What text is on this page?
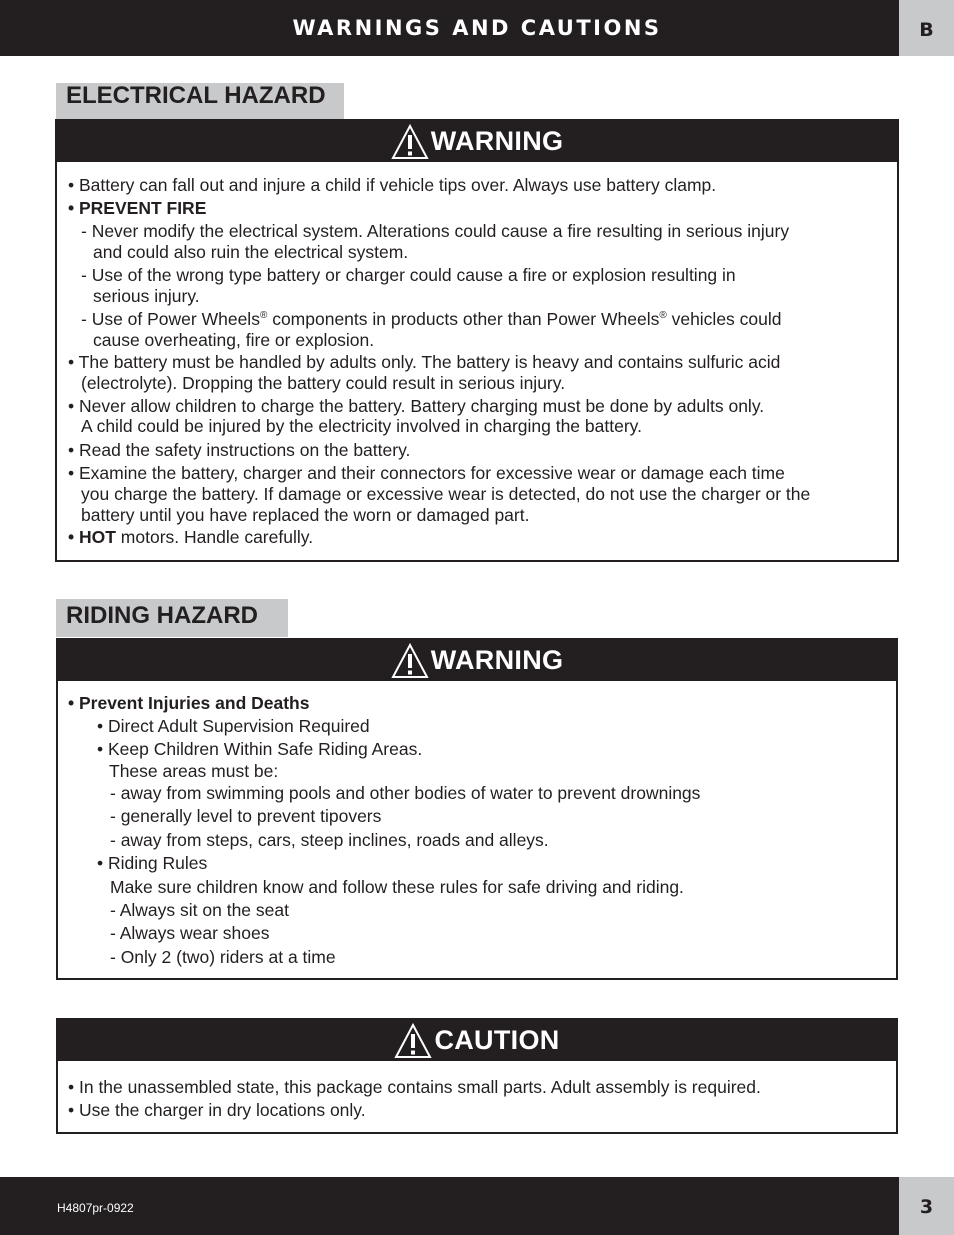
WARNINGS AND CAUTIONS	B
ELECTRICAL HAZARD
WARNING
• Battery can fall out and injure a child if vehicle tips over. Always use battery clamp.
• PREVENT FIRE
- Never modify the electrical system. Alterations could cause a fire resulting in serious injury
and could also ruin the electrical system.
- Use of the wrong type battery or charger could cause a fire or explosion resulting in
serious injury.
- Use of Power Wheels® components in products other than Power Wheels® vehicles could
cause overheating, fire or explosion.
• The battery must be handled by adults only. The battery is heavy and contains sulfuric acid
(electrolyte). Dropping the battery could result in serious injury.
• Never allow children to charge the battery. Battery charging must be done by adults only.
A child could be injured by the electricity involved in charging the battery.
• Read the safety instructions on the battery.
• Examine the battery, charger and their connectors for excessive wear or damage each time
you charge the battery. If damage or excessive wear is detected, do not use the charger or the
battery until you have replaced the worn or damaged part.
• HOT motors. Handle carefully.
RIDING HAZARD
WARNING
• Prevent Injuries and Deaths
• Direct Adult Supervision Required
• Keep Children Within Safe Riding Areas.
These areas must be:
- away from swimming pools and other bodies of water to prevent drownings
- generally level to prevent tipovers
- away from steps, cars, steep inclines, roads and alleys.
• Riding Rules
Make sure children know and follow these rules for safe driving and riding.
- Always sit on the seat
- Always wear shoes
- Only 2 (two) riders at a time
CAUTION
• In the unassembled state, this package contains small parts. Adult assembly is required.
• Use the charger in dry locations only.
H4807pr-0922	3
